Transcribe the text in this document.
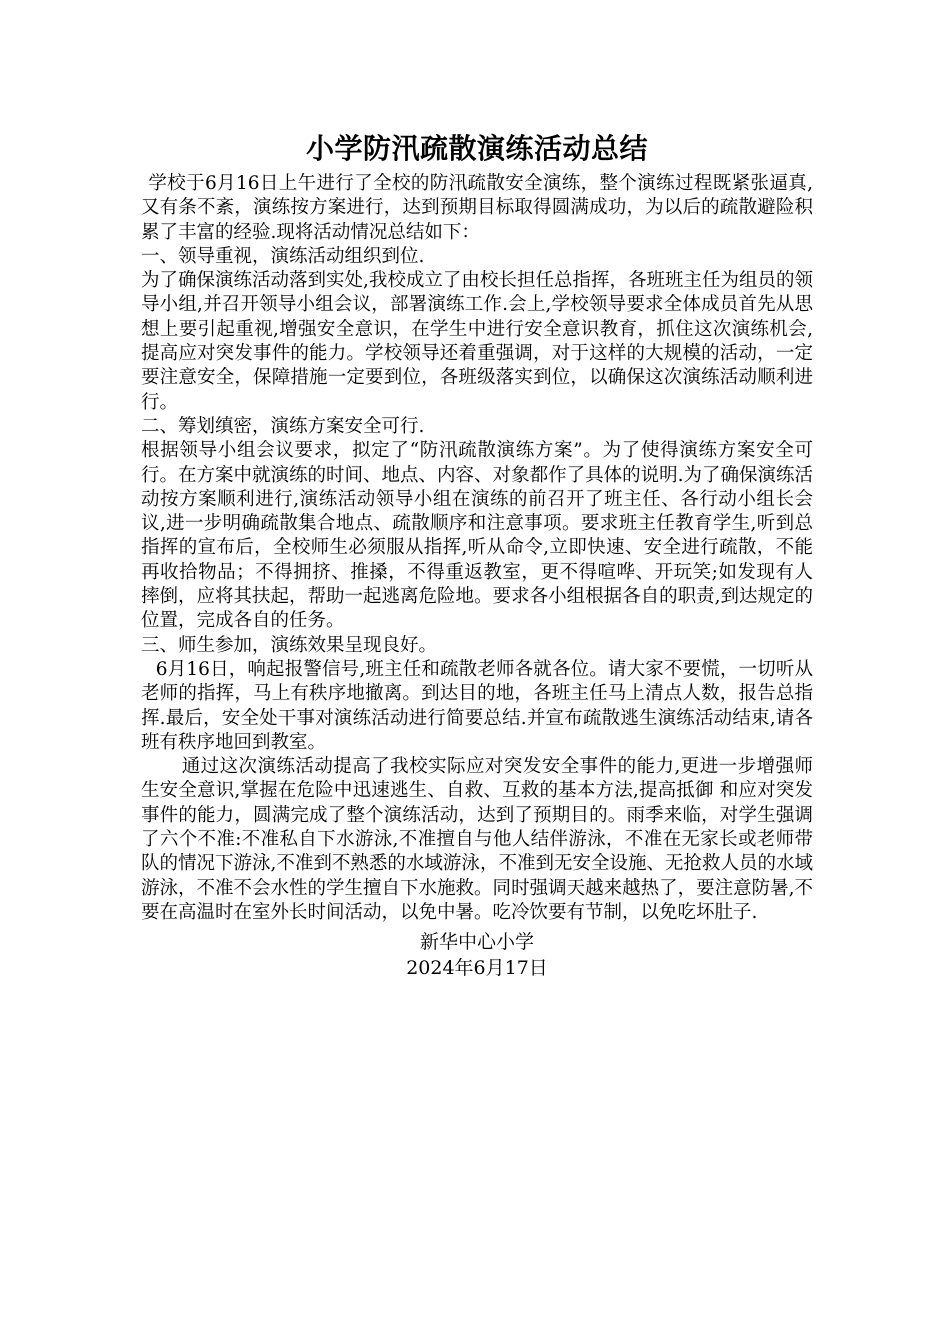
小学防汛疏散演练活动总结

学校于6月16日上午进行了全校的防汛疏散安全演练，整个演练过程既紧张逼真,又有条不紊，演练按方案进行，达到预期目标取得圆满成功，为以后的疏散避险积累了丰富的经验.现将活动情况总结如下：

一、领导重视，演练活动组织到位.

为了确保演练活动落到实处,我校成立了由校长担任总指挥，各班班主任为组员的领导小组,并召开领导小组会议，部署演练工作.会上,学校领导要求全体成员首先从思想上要引起重视,增强安全意识，在学生中进行安全意识教育，抓住这次演练机会,提高应对突发事件的能力。学校领导还着重强调，对于这样的大规模的活动，一定要注意安全，保障措施一定要到位，各班级落实到位，以确保这次演练活动顺利进行。

二、筹划缜密，演练方案安全可行.

根据领导小组会议要求，拟定了“防汛疏散演练方案”。为了使得演练方案安全可行。在方案中就演练的时间、地点、内容、对象都作了具体的说明.为了确保演练活动按方案顺利进行,演练活动领导小组在演练的前召开了班主任、各行动小组长会议,进一步明确疏散集合地点、疏散顺序和注意事项。要求班主任教育学生,听到总指挥的宣布后，全校师生必须服从指挥,听从命令,立即快速、安全进行疏散，不能再收拾物品；不得拥挤、推搡，不得重返教室，更不得喧哗、开玩笑;如发现有人摔倒，应将其扶起，帮助一起逃离危险地。要求各小组根据各自的职责,到达规定的位置，完成各自的任务。

三、师生参加，演练效果呈现良好。

6月16日，响起报警信号,班主任和疏散老师各就各位。请大家不要慌，一切听从老师的指挥，马上有秩序地撤离。到达目的地，各班主任马上清点人数，报告总指挥.最后，安全处干事对演练活动进行简要总结.并宣布疏散逃生演练活动结束,请各班有秩序地回到教室。

通过这次演练活动提高了我校实际应对突发安全事件的能力,更进一步增强师生安全意识,掌握在危险中迅速逃生、自救、互救的基本方法,提高抵御 和应对突发事件的能力，圆满完成了整个演练活动，达到了预期目的。雨季来临，对学生强调了六个不准:不准私自下水游泳,不准擅自与他人结伴游泳，不准在无家长或老师带队的情况下游泳,不准到不熟悉的水域游泳，不准到无安全设施、无抢救人员的水域游泳，不准不会水性的学生擅自下水施救。同时强调天越来越热了，要注意防暑,不要在高温时在室外长时间活动，以免中暑。吃冷饮要有节制，以免吃坏肚子.

新华中心小学
2024年6月17日
